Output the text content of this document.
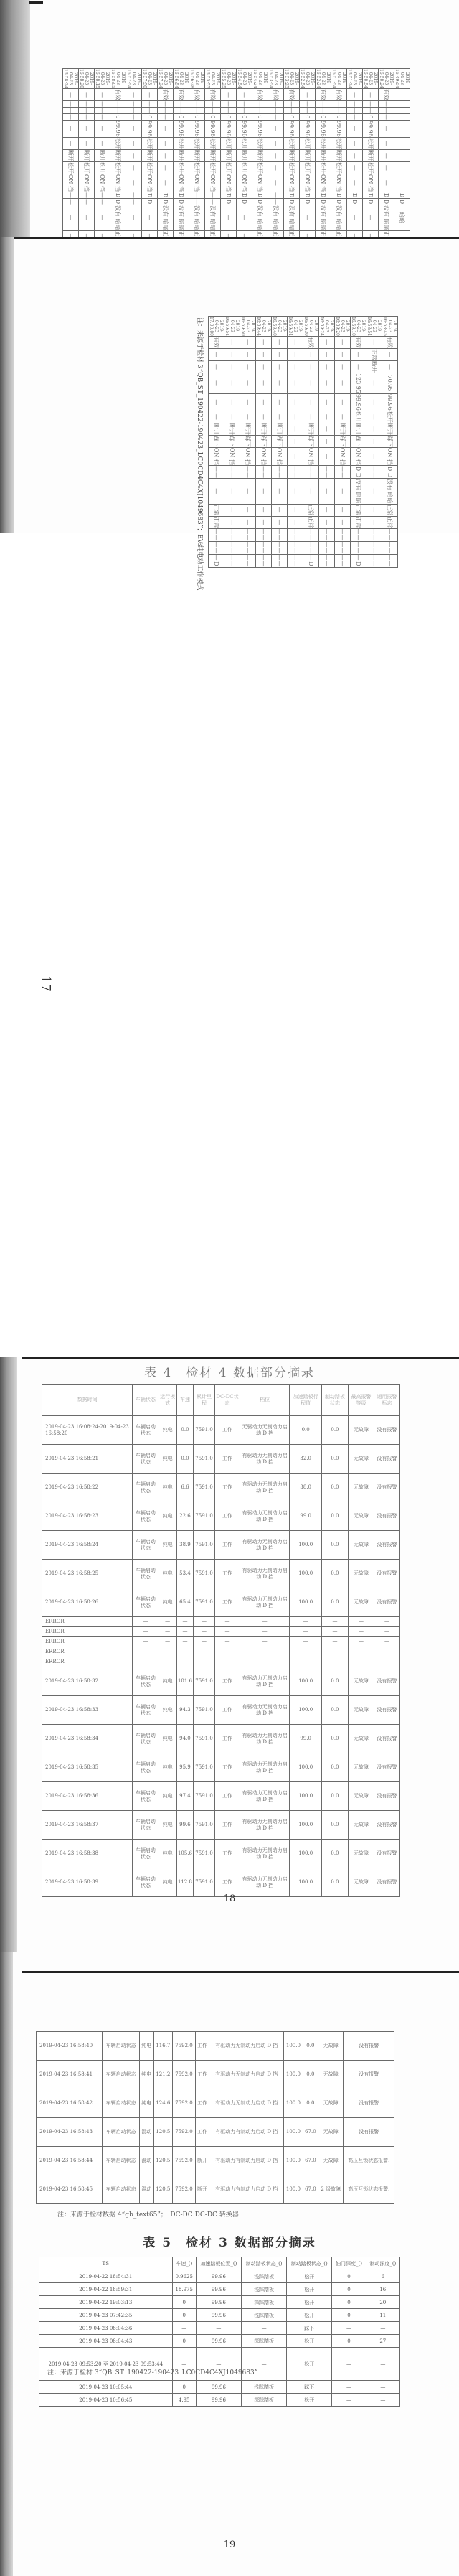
2019-04-23 16:49:54										D	D	暗暗							
2019-04-23 16:50:24	有效	—	—	—	—	—	—	—	—	D	D	没有 暗暗							
2019-04-23 16:50:54	—	—	—	0	99.96	松开	断开	松开	ON 挡	D	D	—							
2019-04-23 16:51:24	—	—	—	—	—	—	—	—	—	D	D	—							
2019-04-23 16:51:54	有效	—	—	0	99.96	松开	断开	松开	ON 挡	D	D	没有 暗暗							
2019-04-23 16:52:24	有效	—	—	0	99.96	松开	断开	松开	ON 挡	D	D	没有 暗暗							
2019-04-23 16:52:54	—	—	—	0	99.96	松开	断开	松开	ON 挡	D	D	—							
2019-04-23 16:53:25	有效	—	—	0	99.96	松开	断开	松开	ON 挡	D	D	没有 暗暗							
2019-04-23 16:53:54	有效	—	—	—	—	—	—	—	—	—	—	没有 暗暗							
2019-04-23 16:54:24	有效	—	—	0	99.96	松开	断开	松开	ON 挡	D	D	没有 暗暗							
2019-04-23 16:54:54	—	—	—	0	99.96	松开	断开	松开	ON 挡	D	D	—							
2019-04-23 16:55:25	—	—	—	0	99.96	松开	断开	松开	ON 挡	D	D	—							
2019-04-23 16:55:55	有效	—	—	0	99.96	松开	断开	松开	ON 挡	—	—	没有 暗暗							
2019-04-23 16:56:28	有效	—	—	0	99.96	松开	断开	松开	ON 挡	—	—	没有 暗暗							
2019-04-23 16:56:54	有效	—	—	0	99.96	松开	断开	松开	ON 挡	D	D	没有 暗暗							
2019-04-23 16:57:24	有效	—	—	—	—	—	—	—	—	D	D	没有 暗暗							
2019-04-23 16:57:50	—	—	—	0	99.96	松开	断开	松开	ON 挡	D	D	—							
2019-04-23 16:57:54	—	—	—	—	—	—	—	—	—	—	—	—							
2019-04-23 16:58:05	有效	—	—	0	99.96	松开	断开	松开	ON 挡	D	D	没有 暗暗							
2019-04-23 16:58:15	—	—	—	—	—	—	断开	松开	ON 挡	—	—	—							
2019-04-23 16:58:20	—	—	—	—	—	—	断开	松开	ON 挡	—	—	—							
2019-04-23 16:58:24	—	—	—	—	—	—	断开	松开	ON 挡	—	—	—							
2019-04-23 16:58:45	有效	—	—	70.95	99.96	松开	断开	踩下	ON 挡	D	D	没有 暗暗	正常	正常	—	—	—	—	—	—
2019-04-23 16:58:54	—	正常	断开	—	—	—	—	—	—	—	—	—	—	—	—	—	—	—	—	—
2019-04-23 16:59:10	有效	—	—	123.95	99.96	松开	断开	踩下	ON 挡	D	D	没有 暗暗	正常	正常	—	—	—	—	—	D
2019-04-23 16:59:20	—	—	—	—	—	—	断开	踩下	ON 挡	—	—	—	—	—	—	—	—	—	—	—
2019-04-23 16:59:24	—	—	—	—	—	—	—	—	—	—	—	—	—	—	—	—	—	—	—	—
2019-04-23 16:59:30	有效	—	—	—	—	—	断开	踩下	ON 挡	—	—	—	正常	正常	—	—	—	—	—	D
2019-04-23 16:59:34	—	—	—	—	—	—	—	—	—	—	—	—	—	—	—	—	—	—	—	—
2019-04-23 16:59:40	—	—	—	—	—	—	断开	踩下	ON 挡	—	—	—	—	—	—	—	—	—	—	—
2019-04-23 16:59:44	—	—	—	—	—	—	断开	踩下	ON 挡	—	—	—	—	—	—	—	—	—	—	—
2019-04-23 16:59:50	—	—	—	—	—	—	断开	踩下	ON 挡	—	—	—	—	—	—	—	—	—	—	—
2019-04-23 16:59:54	—	—	—	—	—	—	断开	踩下	ON 挡	—	—	—	—	—	—	—	—	—	—	—
2019-04-23 17:00:00	有效	—	—	—	—	—	断开	踩下	ON 挡	—	—	—	正常	正常	—	—	—	—	—	D
注：来源于检材 3“QB_ST_190422-190423_LC0CD4C4XJ1049683”；EV:纯电动工作模式
17
表 4　检材 4 数据部分摘录
数据时间	车辆状态	运行模式	车速	累计里程	DC-DC状态	档位	加速踏板行程值	制动踏板状态	最高报警等级	通用报警标志
2019-04-23 16:08:24-2019-04-23 16:58:20	车辆启动状态	纯电	0.0	7591.0	工作	无驱动力无制动力启动 D 挡	0.0	0.0	无故障	没有报警
2019-04-23 16:58:21	车辆启动状态	纯电	0.0	7591.0	工作	有驱动力无制动力启动 D 挡	32.0	0.0	无故障	没有报警
2019-04-23 16:58:22	车辆启动状态	纯电	6.6	7591.0	工作	有驱动力无制动力启动 D 挡	38.0	0.0	无故障	没有报警
2019-04-23 16:58:23	车辆启动状态	纯电	22.6	7591.0	工作	有驱动力无制动力启动 D 挡	99.0	0.0	无故障	没有报警
2019-04-23 16:58:24	车辆启动状态	纯电	38.9	7591.0	工作	有驱动力无制动力启动 D 挡	100.0	0.0	无故障	没有报警
2019-04-23 16:58:25	车辆启动状态	纯电	53.4	7591.0	工作	有驱动力无制动力启动 D 挡	100.0	0.0	无故障	没有报警
2019-04-23 16:58:26	车辆启动状态	纯电	65.4	7591.0	工作	有驱动力无制动力启动 D 挡	100.0	0.0	无故障	没有报警
ERROR	—	—	—	—	—	—	—	—	—	—
ERROR	—	—	—	—	—	—	—	—	—	—
ERROR	—	—	—	—	—	—	—	—	—	—
ERROR	—	—	—	—	—	—	—	—	—	—
ERROR	—	—	—	—	—	—	—	—	—	—
2019-04-23 16:58:32	车辆启动状态	纯电	101.6	7591.0	工作	有驱动力无制动力启动 D 挡	100.0	0.0	无故障	没有报警
2019-04-23 16:58:33	车辆启动状态	纯电	94.3	7591.0	工作	有驱动力无制动力启动 D 挡	100.0	0.0	无故障	没有报警
2019-04-23 16:58:34	车辆启动状态	纯电	94.0	7591.0	工作	有驱动力无制动力启动 D 挡	99.0	0.0	无故障	没有报警
2019-04-23 16:58:35	车辆启动状态	纯电	95.9	7591.0	工作	有驱动力无制动力启动 D 挡	100.0	0.0	无故障	没有报警
2019-04-23 16:58:36	车辆启动状态	纯电	97.4	7591.0	工作	有驱动力无制动力启动 D 挡	100.0	0.0	无故障	没有报警
2019-04-23 16:58:37	车辆启动状态	纯电	99.6	7591.0	工作	有驱动力无制动力启动 D 挡	100.0	0.0	无故障	没有报警
2019-04-23 16:58:38	车辆启动状态	纯电	105.6	7591.0	工作	有驱动力无制动力启动 D 挡	100.0	0.0	无故障	没有报警
2019-04-23 16:58:39	车辆启动状态	纯电	112.8	7591.0	工作	有驱动力无制动力启动 D 挡	100.0	0.0	无故障	没有报警
18
2019-04-23 16:58:40	车辆启动状态	纯电	116.7	7592.0	工作	有驱动力无制动力启动 D 挡	100.0	0.0	无故障	没有报警
2019-04-23 16:58:41	车辆启动状态	纯电	121.2	7592.0	工作	有驱动力无制动力启动 D 挡	100.0	0.0	无故障	没有报警
2019-04-23 16:58:42	车辆启动状态	纯电	124.6	7592.0	工作	有驱动力无制动力启动 D 挡	100.0	0.0	无故障	没有报警
2019-04-23 16:58:43	车辆启动状态	混动	120.5	7592.0	工作	有驱动力有制动力启动 D 挡	100.0	67.0	无故障	没有报警
2019-04-23 16:58:44	车辆启动状态	混动	120.5	7592.0	断开	有驱动力有制动力启动 D 挡	100.0	67.0	无故障	高压互锁状态报警.
2019-04-23 16:58:45	车辆启动状态	混动	120.5	7592.0	断开	有驱动力有制动力启动 D 挡	100.0	67.0	2 级故障	高压互锁状态报警.
注：来源于检材数据 4“gb_text65”；　DC-DC:DC-DC 转换器
表 5　检材 3 数据部分摘录
TS	车速_()	加速踏板位置_()	制动踏板状态_()	制动踏板状态_()	油门深度_()	制动深度_()
2019-04-22 18:54:31	0.9625	99.96	浅踩踏板	松开	0	6
2019-04-22 18:59:31	18.975	99.96	浅踩踏板	松开	0	16
2019-04-22 19:03:13	0	99.96	深踩踏板	松开	0	20
2019-04-23 07:42:35	0	99.96	浅踩踏板	松开	0	11
2019-04-23 08:04:36	—	—	—	踩下	—	—
2019-04-23 08:04:43	0	99.96	深踩踏板	松开	0	27
2019-04-23 09:53:20 至 2019-04-23 09:53:44	—	—	—	松开	—	—
2019-04-23 10:05:44	0	99.96	浅踩踏板	踩下	—	—
2019-04-23 10:56:45	4.95	99.96	深踩踏板	松开	—	—
注：来源于检材 3“QB_ST_190422-190423_LC0CD4C4XJ1049683”
19
